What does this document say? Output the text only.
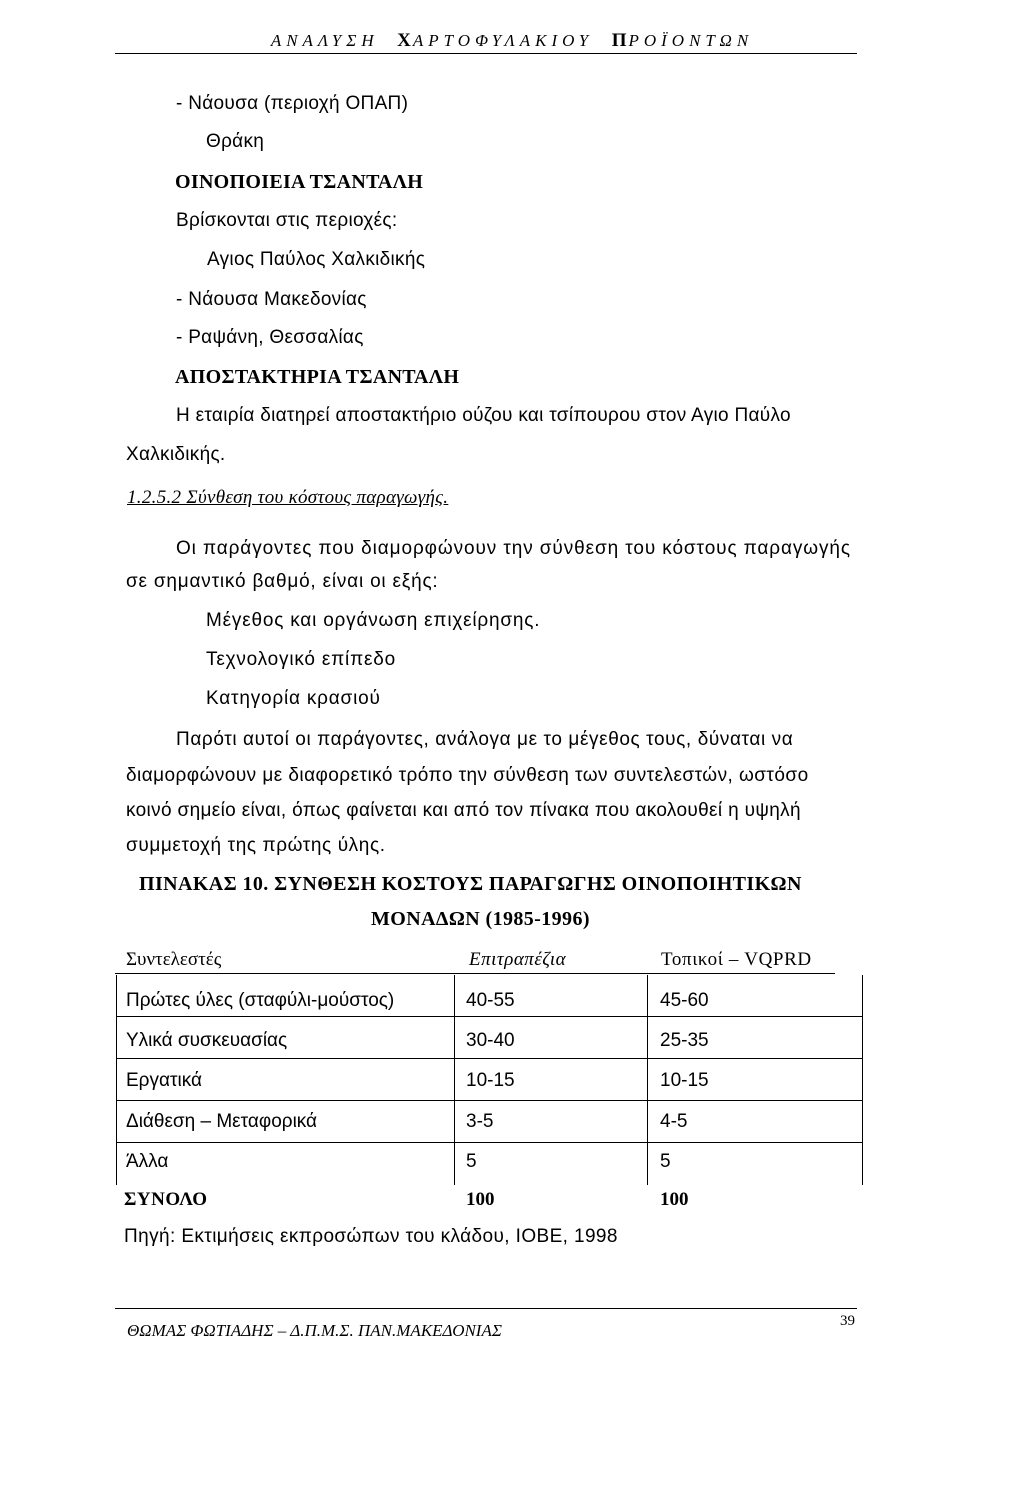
ΑΝΑΛΥΣΗ ΧΑΡΤΟΦΥΛΑΚΙΟΥ ΠΡΟΪΟΝΤΩΝ
- Νάουσα (περιοχή ΟΠΑΠ)
Θράκη
ΟΙΝΟΠΟΙΕΙΑ ΤΣΑΝΤΑΛΗ
Βρίσκονται στις περιοχές:
Αγιος Παύλος Χαλκιδικής
- Νάουσα Μακεδονίας
- Ραψάνη, Θεσσαλίας
ΑΠΟΣΤΑΚΤΗΡΙΑ ΤΣΑΝΤΑΛΗ
Η εταιρία διατηρεί αποστακτήριο ούζου και τσίπουρου στον Αγιο Παύλο
Χαλκιδικής.
1.2.5.2 Σύνθεση του κόστους παραγωγής.
Οι παράγοντες που διαμορφώνουν την σύνθεση του κόστους παραγωγής
σε σημαντικό βαθμό, είναι οι εξής:
Μέγεθος και οργάνωση επιχείρησης.
Τεχνολογικό επίπεδο
Κατηγορία κρασιού
Παρότι αυτοί οι παράγοντες, ανάλογα με το μέγεθος τους, δύναται να
διαμορφώνουν με διαφορετικό τρόπο την σύνθεση των συντελεστών, ωστόσο
κοινό σημείο είναι, όπως φαίνεται και από τον πίνακα που ακολουθεί η υψηλή
συμμετοχή της πρώτης ύλης.
ΠΙΝΑΚΑΣ 10. ΣΥΝΘΕΣΗ ΚΟΣΤΟΥΣ ΠΑΡΑΓΩΓΗΣ ΟΙΝΟΠΟΙΗΤΙΚΩΝ
ΜΟΝΑΔΩΝ (1985-1996)
Συντελεστές	Επιτραπέζια	Τοπικοί – VQPRD
Πρώτες ύλες (σταφύλι-μούστος)	40-55	45-60
Υλικά συσκευασίας	30-40	25-35
Εργατικά	10-15	10-15
Διάθεση – Μεταφορικά	3-5	4-5
Άλλα	5	5
ΣΥΝΟΛΟ	100	100
Πηγή: Εκτιμήσεις εκπροσώπων του κλάδου, ΙΟΒΕ, 1998
ΘΩΜΑΣ ΦΩΤΙΑΔΗΣ – Δ.Π.Μ.Σ. ΠΑΝ.ΜΑΚΕΔΟΝΙΑΣ	39
